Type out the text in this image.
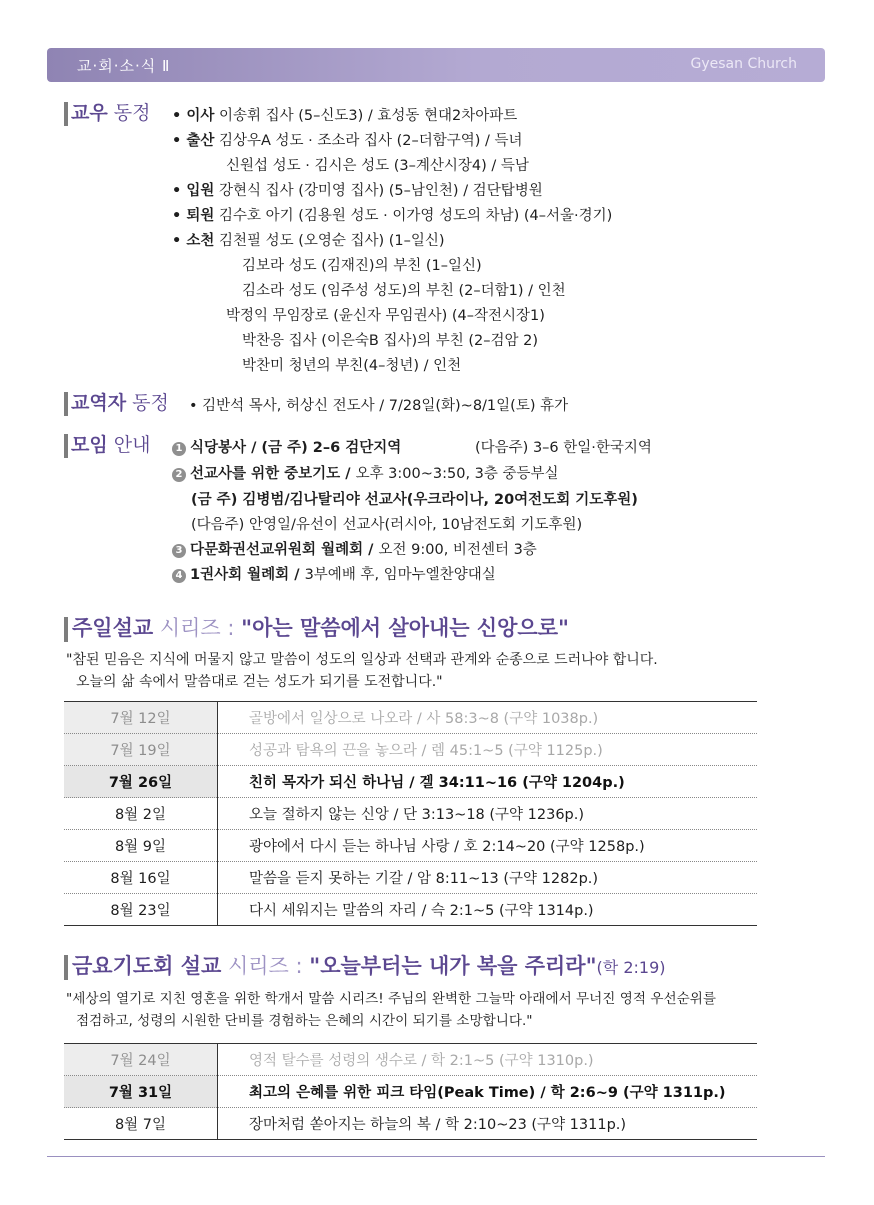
교·회·소·식 Ⅱ	Gyesan Church
교우 동정 • 이사 이송휘 집사 (5–신도3) / 효성동 현대2차아파트
• 출산 김상우A 성도 · 조소라 집사 (2–더함구역) / 득녀
신원섭 성도 · 김시은 성도 (3–계산시장4) / 득남
• 입원 강현식 집사 (강미영 집사) (5–남인천) / 검단탑병원
• 퇴원 김수호 아기 (김용원 성도 · 이가영 성도의 차남) (4–서울·경기)
• 소천 김천필 성도 (오영순 집사) (1–일신)
김보라 성도 (김재진)의 부친 (1–일신)
김소라 성도 (임주성 성도)의 부친 (2–더함1) / 인천
박정익 무임장로 (윤신자 무임권사) (4–작전시장1)
박찬응 집사 (이은숙B 집사)의 부친 (2–검암 2)
박찬미 청년의 부친(4–청년) / 인천
교역자 동정 • 김반석 목사, 허상신 전도사 / 7/28일(화)~8/1일(토) 휴가
모임 안내	1 식당봉사 / (금 주) 2–6 검단지역	(다음주) 3–6 한일·한국지역
2 선교사를 위한 중보기도 / 오후 3:00~3:50, 3층 중등부실
(금 주) 김병범/김나탈리야 선교사(우크라이나, 20여전도회 기도후원)
(다음주) 안영일/유선이 선교사(러시아, 10남전도회 기도후원)
3 다문화권선교위원회 월례회 / 오전 9:00, 비전센터 3층
4 1권사회 월례회 / 3부예배 후, 임마누엘찬양대실
주일설교 시리즈 : "아는 말씀에서 살아내는 신앙으로"
"참된 믿음은 지식에 머물지 않고 말씀이 성도의 일상과 선택과 관계와 순종으로 드러나야 합니다.
오늘의 삶 속에서 말씀대로 걷는 성도가 되기를 도전합니다."
7월 12일	골방에서 일상으로 나오라 / 사 58:3~8 (구약 1038p.)
7월 19일	성공과 탐욕의 끈을 놓으라 / 렘 45:1~5 (구약 1125p.)
7월 26일	친히 목자가 되신 하나님 / 겔 34:11~16 (구약 1204p.)
8월 2일	오늘 절하지 않는 신앙 / 단 3:13~18 (구약 1236p.)
8월 9일	광야에서 다시 듣는 하나님 사랑 / 호 2:14~20 (구약 1258p.)
8월 16일	말씀을 듣지 못하는 기갈 / 암 8:11~13 (구약 1282p.)
8월 23일	다시 세워지는 말씀의 자리 / 슥 2:1~5 (구약 1314p.)
금요기도회 설교 시리즈 : "오늘부터는 내가 복을 주리라"(학 2:19)
"세상의 열기로 지친 영혼을 위한 학개서 말씀 시리즈! 주님의 완벽한 그늘막 아래에서 무너진 영적 우선순위를
점검하고, 성령의 시원한 단비를 경험하는 은혜의 시간이 되기를 소망합니다."
7월 24일	영적 탈수를 성령의 생수로 / 학 2:1~5 (구약 1310p.)
7월 31일	최고의 은혜를 위한 피크 타임(Peak Time) / 학 2:6~9 (구약 1311p.)
8월 7일	장마처럼 쏟아지는 하늘의 복 / 학 2:10~23 (구약 1311p.)
